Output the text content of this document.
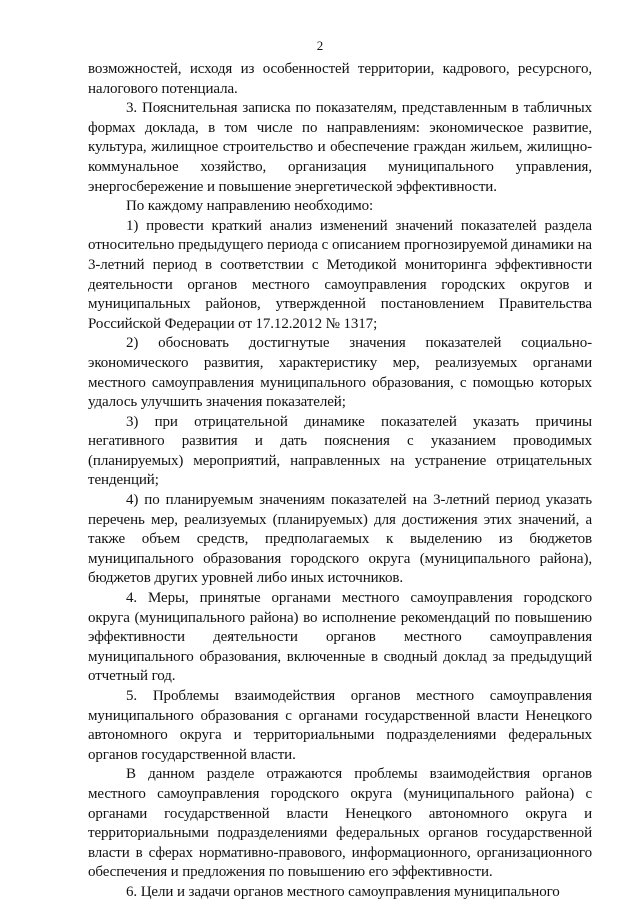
2

возможностей, исходя из особенностей территории, кадрового, ресурсного, налогового потенциала.

3. Пояснительная записка по показателям, представленным в табличных формах доклада, в том числе по направлениям: экономическое развитие, культура, жилищное строительство и обеспечение граждан жильем, жилищно-коммунальное хозяйство, организация муниципального управления, энергосбережение и повышение энергетической эффективности.

По каждому направлению необходимо:

1) провести краткий анализ изменений значений показателей раздела относительно предыдущего периода с описанием прогнозируемой динамики на 3-летний период в соответствии с Методикой мониторинга эффективности деятельности органов местного самоуправления городских округов и муниципальных районов, утвержденной постановлением Правительства Российской Федерации от 17.12.2012 № 1317;

2) обосновать достигнутые значения показателей социально-экономического развития, характеристику мер, реализуемых органами местного самоуправления муниципального образования, с помощью которых удалось улучшить значения показателей;

3) при отрицательной динамике показателей указать причины негативного развития и дать пояснения с указанием проводимых (планируемых) мероприятий, направленных на устранение отрицательных тенденций;

4) по планируемым значениям показателей на 3-летний период указать перечень мер, реализуемых (планируемых) для достижения этих значений, а также объем средств, предполагаемых к выделению из бюджетов муниципального образования городского округа (муниципального района), бюджетов других уровней либо иных источников.

4. Меры, принятые органами местного самоуправления городского округа (муниципального района) во исполнение рекомендаций по повышению эффективности деятельности органов местного самоуправления муниципального образования, включенные в сводный доклад за предыдущий отчетный год.

5. Проблемы взаимодействия органов местного самоуправления муниципального образования с органами государственной власти Ненецкого автономного округа и территориальными подразделениями федеральных органов государственной власти.

В данном разделе отражаются проблемы взаимодействия органов местного самоуправления городского округа (муниципального района) с органами государственной власти Ненецкого автономного округа и территориальными подразделениями федеральных органов государственной власти в сферах нормативно-правового, информационного, организационного обеспечения и предложения по повышению его эффективности.

6. Цели и задачи органов местного самоуправления муниципального
